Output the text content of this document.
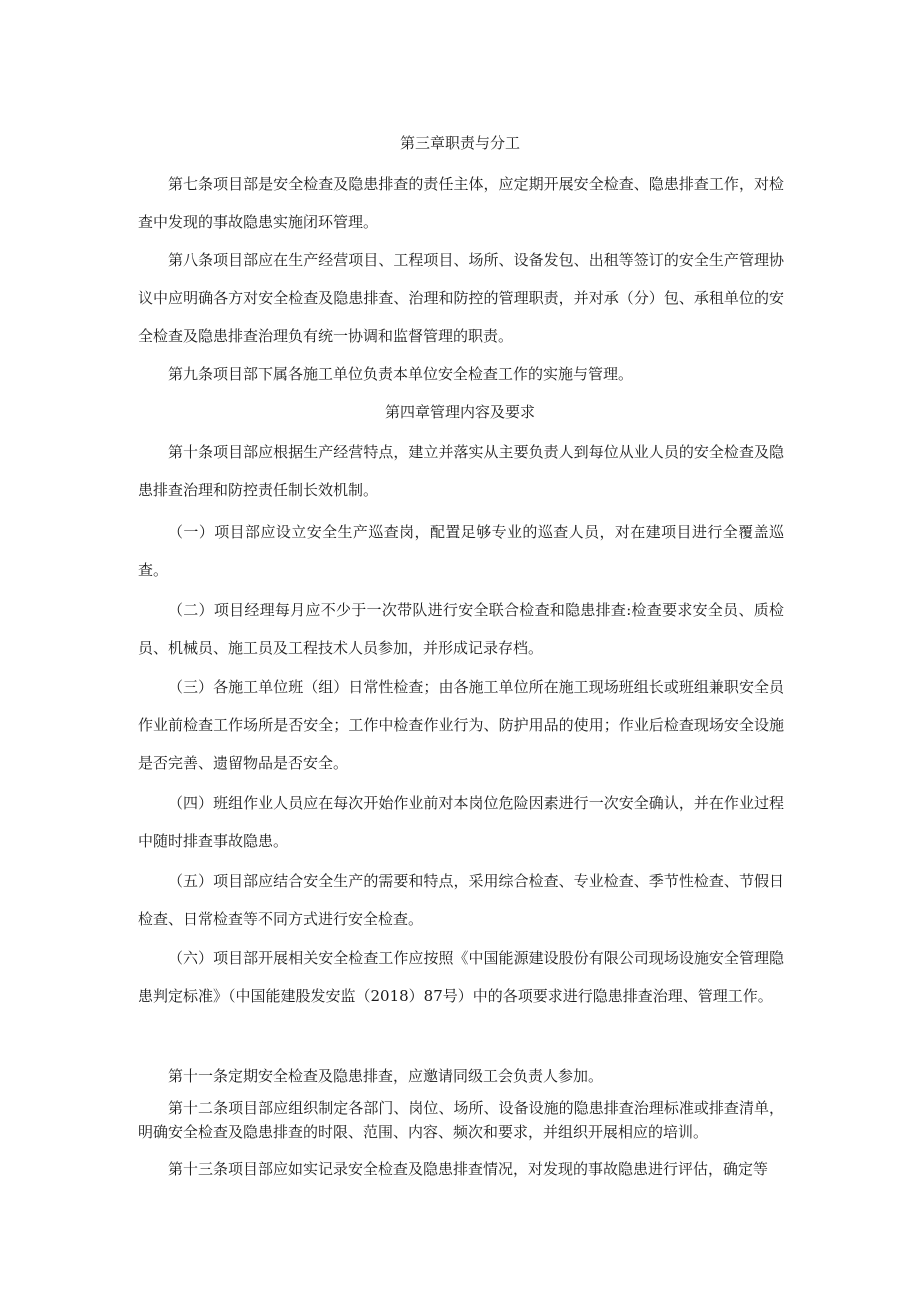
第三章职责与分工

第七条项目部是安全检查及隐患排查的责任主体，应定期开展安全检查、隐患排查工作，对检查中发现的事故隐患实施闭环管理。

第八条项目部应在生产经营项目、工程项目、场所、设备发包、出租等签订的安全生产管理协议中应明确各方对安全检查及隐患排查、治理和防控的管理职责，并对承（分）包、承租单位的安全检查及隐患排查治理负有统一协调和监督管理的职责。

第九条项目部下属各施工单位负责本单位安全检查工作的实施与管理。

第四章管理内容及要求

第十条项目部应根据生产经营特点，建立并落实从主要负责人到每位从业人员的安全检查及隐患排查治理和防控责任制长效机制。

（一）项目部应设立安全生产巡查岗，配置足够专业的巡查人员，对在建项目进行全覆盖巡查。

（二）项目经理每月应不少于一次带队进行安全联合检查和隐患排查:检查要求安全员、质检员、机械员、施工员及工程技术人员参加，并形成记录存档。

（三）各施工单位班（组）日常性检查；由各施工单位所在施工现场班组长或班组兼职安全员作业前检查工作场所是否安全；工作中检查作业行为、防护用品的使用；作业后检查现场安全设施是否完善、遗留物品是否安全。

（四）班组作业人员应在每次开始作业前对本岗位危险因素进行一次安全确认，并在作业过程中随时排查事故隐患。

（五）项目部应结合安全生产的需要和特点，采用综合检查、专业检查、季节性检查、节假日检查、日常检查等不同方式进行安全检查。

（六）项目部开展相关安全检查工作应按照《中国能源建设股份有限公司现场设施安全管理隐患判定标准》（中国能建股发安监（2018）87号）中的各项要求进行隐患排查治理、管理工作。

第十一条定期安全检查及隐患排查，应邀请同级工会负责人参加。

第十二条项目部应组织制定各部门、岗位、场所、设备设施的隐患排查治理标准或排查清单，明确安全检查及隐患排查的时限、范围、内容、频次和要求，并组织开展相应的培训。

第十三条项目部应如实记录安全检查及隐患排查情况，对发现的事故隐患进行评估，确定等
